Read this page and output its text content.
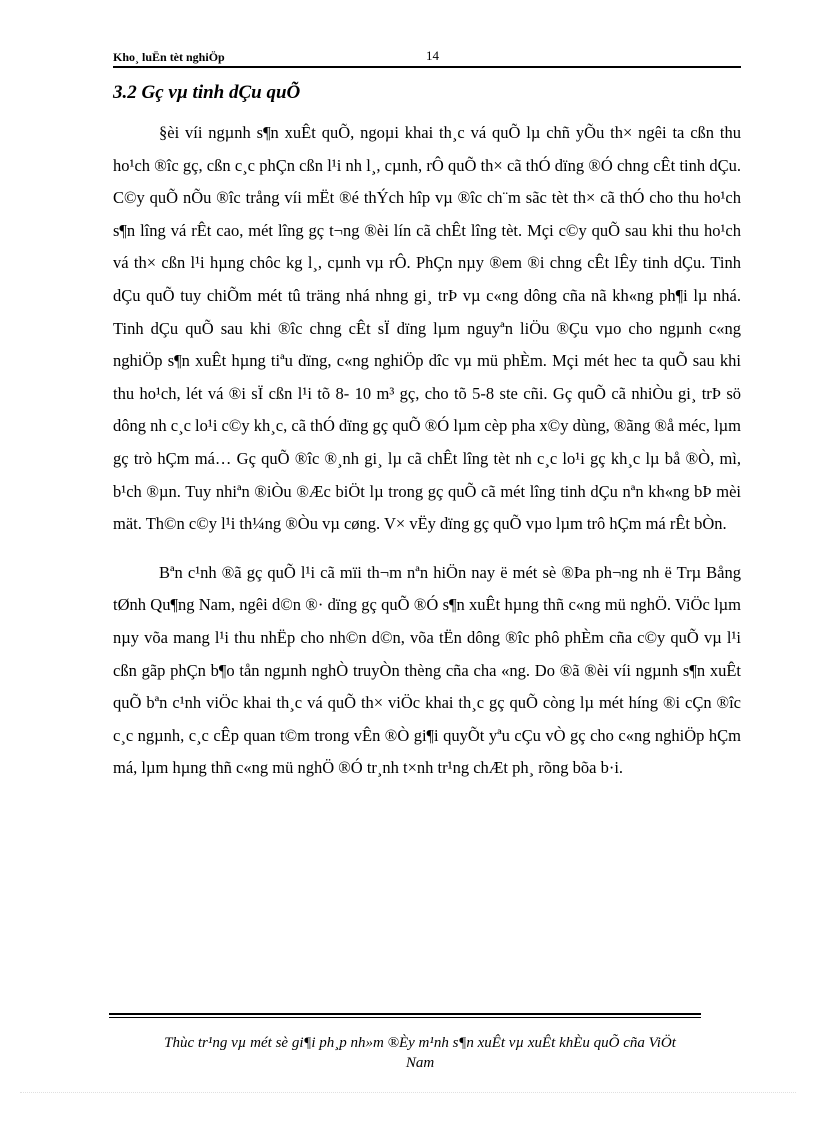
Kho¸ luËn tèt nghiÖp	14
3.2 Gç vµ tinh dÇu quÕ

§èi víi ngµnh s¶n xuÊt quÕ, ngoµi khai th¸c vá quÕ lµ chñ yÕu th× ngêi ta cßn thu ho¹ch ®îc gç, cßn c¸c phÇn cßn l¹i nh l¸, cµnh, rÔ quÕ th× cã thÓ dïng ®Ó chng cÊt tinh dÇu. C©y quÕ nÕu ®îc trång víi mËt ®é thÝch hîp vµ ®îc ch¨m sãc tèt th× cã thÓ cho thu ho¹ch s¶n lîng vá rÊt cao, mét lîng gç t¬ng ®èi lín cã chÊt lîng tèt. Mçi c©y quÕ sau khi thu ho¹ch vá th× cßn l¹i hµng chôc kg l¸, cµnh vµ rÔ. PhÇn nµy ®em ®i chng cÊt lÊy tinh dÇu. Tinh dÇu quÕ tuy chiÕm mét tû träng nhá nhng gi¸ trÞ vµ c«ng dông cña nã kh«ng ph¶i lµ nhá. Tinh dÇu quÕ sau khi ®îc chng cÊt sÏ dïng lµm nguyªn liÖu ®Çu vµo cho ngµnh c«ng nghiÖp s¶n xuÊt hµng tiªu dïng, c«ng nghiÖp dîc vµ mü phÈm. Mçi mét hec ta quÕ sau khi thu ho¹ch, lét vá ®i sÏ cßn l¹i tõ 8- 10 m³ gç, cho tõ 5-8 ste cñi. Gç quÕ cã nhiÒu gi¸ trÞ sö dông nh c¸c lo¹i c©y kh¸c, cã thÓ dïng gç quÕ ®Ó lµm cèp pha x©y dùng, ®ãng ®å méc, lµm gç trò hÇm má… Gç quÕ ®îc ®¸nh gi¸ lµ cã chÊt lîng tèt nh c¸c lo¹i gç kh¸c lµ bå ®Ò, mì, b¹ch ®µn. Tuy nhiªn ®iÒu ®Æc biÖt lµ trong gç quÕ cã mét lîng tinh dÇu nªn kh«ng bÞ mèi mät. Th©n c©y l¹i th¼ng ®Òu vµ cøng. V× vËy dïng gç quÕ vµo lµm trô hÇm má rÊt bÒn.

Bªn c¹nh ®ã gç quÕ l¹i cã mïi th¬m nªn hiÖn nay ë mét sè ®Þa ph¬ng nh ë Trµ Bång tØnh Qu¶ng Nam, ngêi d©n ®· dïng gç quÕ ®Ó s¶n xuÊt hµng thñ c«ng mü nghÖ. ViÖc lµm nµy võa mang l¹i thu nhËp cho nh©n d©n, võa tËn dông ®îc phô phÈm cña c©y quÕ vµ l¹i cßn gãp phÇn b¶o tån ngµnh nghÒ truyÒn thèng cña cha «ng. Do ®ã ®èi víi ngµnh s¶n xuÊt quÕ bªn c¹nh viÖc khai th¸c vá quÕ th× viÖc khai th¸c gç quÕ còng lµ mét híng ®i cÇn ®îc c¸c ngµnh, c¸c cÊp quan t©m trong vÊn ®Ò gi¶i quyÕt yªu cÇu vÒ gç cho c«ng nghiÖp hÇm má, lµm hµng thñ c«ng mü nghÖ ®Ó tr¸nh t×nh tr¹ng chÆt ph¸ rõng bõa b·i.

Thùc tr¹ng vµ mét sè gi¶i ph¸p nh»m ®Èy m¹nh s¶n xuÊt vµ xuÊt khÈu quÕ cña ViÖt
Nam
